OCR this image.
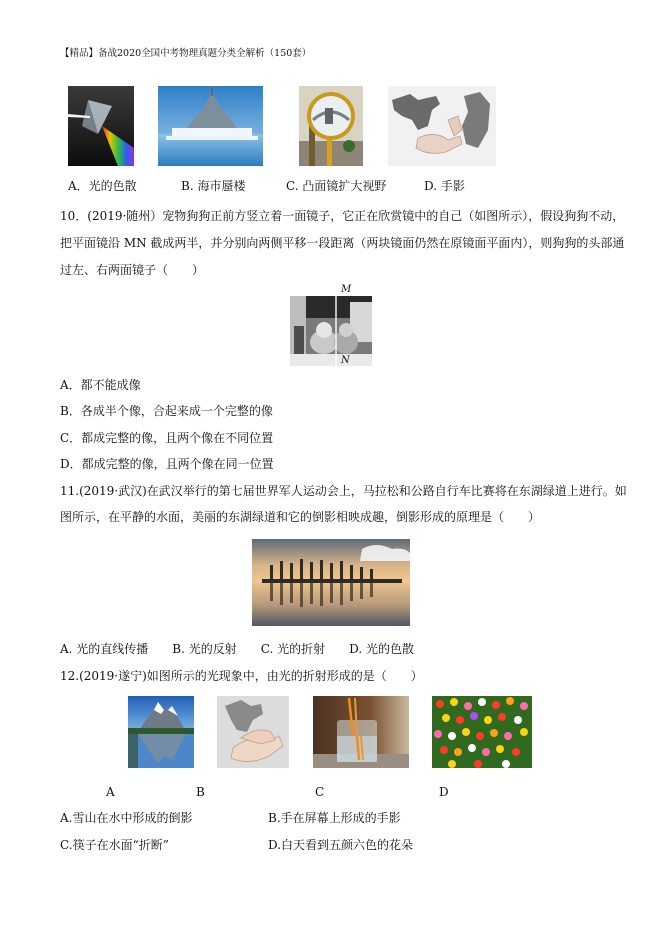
【精品】备战2020全国中考物理真题分类全解析（150套）
A．光的色散	B. 海市蜃楼	C. 凸面镜扩大视野	D. 手影
10．(2019·随州）宠物狗狗正前方竖立着一面镜子，它正在欣赏镜中的自己（如图所示），假设狗狗不动，
把平面镜沿 MN 截成两半，并分别向两侧平移一段距离（两块镜面仍然在原镜面平面内），则狗狗的头部通
过左、右两面镜子（　　）
M
N
A．都不能成像
B．各成半个像，合起来成一个完整的像
C．都成完整的像，且两个像在不同位置
D．都成完整的像，且两个像在同一位置
11.(2019·武汉)在武汉举行的第七届世界军人运动会上，马拉松和公路自行车比赛将在东湖绿道上进行。如
图所示，在平静的水面，美丽的东湖绿道和它的倒影相映成趣，倒影形成的原理是（　　）
A. 光的直线传播　　B. 光的反射　　C. 光的折射　　D. 光的色散
12.(2019·遂宁)如图所示的光现象中，由光的折射形成的是（　　）
A	B	C	D
A.雪山在水中形成的倒影	B.手在屏幕上形成的手影
C.筷子在水面“折断”	D.白天看到五颜六色的花朵
